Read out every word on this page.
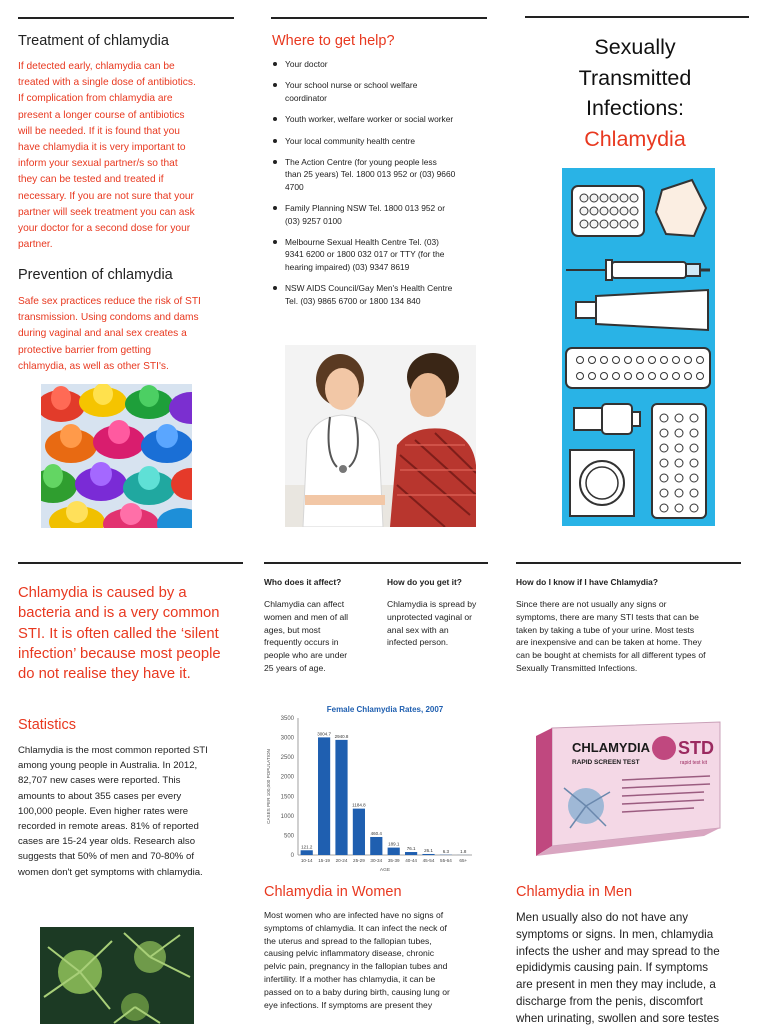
Treatment of chlamydia
If detected early, chlamydia can be
treated with a single dose of antibiotics.
If complication from chlamydia are
present a longer course of antibiotics
will be needed. If it is found that you
have chlamydia it is very important to
inform your sexual partner/s so that
they can be tested and treated if
necessary. If you are not sure that your
partner will seek treatment you can ask
your doctor for a second dose for your
partner.
Prevention of chlamydia
Safe sex practices reduce the risk of STI
transmission. Using condoms and dams
during vaginal and anal sex creates a
protective barrier from getting
chlamydia, as well as other STI's.
Where to get help?
Your doctor
Your school nurse or school welfare
coordinator
Youth worker, welfare worker or social worker
Your local community health centre
The Action Centre (for young people less
than 25 years) Tel. 1800 013 952 or (03) 9660
4700
Family Planning NSW Tel. 1800 013 952 or
(03) 9257 0100
Melbourne Sexual Health Centre Tel. (03)
9341 6200 or 1800 032 017 or TTY (for the
hearing impaired) (03) 9347 8619
NSW AIDS Council/Gay Men's Health Centre
Tel. (03) 9865 6700 or 1800 134 840
Sexually
Transmitted
Infections:
Chlamydia
Chlamydia is caused by a
bacteria and is a very common
STI. It is often called the ‘silent
infection’ because most people
do not realise they have it.
Statistics
Chlamydia is the most common reported STI
among young people in Australia. In 2012,
82,707 new cases were reported. This
amounts to about 355 cases per every
100,000 people. Even higher rates were
recorded in remote areas. 81% of reported
cases are 15-24 year olds. Research also
suggests that 50% of men and 70-80% of
women don't get symptoms with chlamydia.
Who does it affect?
Chlamydia can affect
women and men of all
ages, but most
frequently occurs in
people who are under
25 years of age.
How do you get it?
Chlamydia is spread by
unprotected vaginal or
anal sex with an
infected person.
How do I know if I have Chlamydia?
Since there are not usually any signs or
symptoms, there are many STI tests that can be
taken by taking a tube of your urine. Most tests
are inexpensive and can be taken at home. They
can be bought at chemists for all different types of
Sexually Transmitted Infections.
Female Chlamydia Rates, 2007
0
500
1000
1500
2000
2500
3000
3500
121.2
10-14
3004.7
15-19
2940.8
20-24
1184.8
25-29
460.4
30-34
189.1
35-39
76.1
40-44
26.1
45-54
6.3
55-64
1.8
65+
AGE
CASES PER 100,000 POPULATION
CHLAMYDIA
RAPID SCREEN TEST
STD
rapid test kit
Chlamydia in Women
Most women who are infected have no signs of
symptoms of chlamydia. It can infect the neck of
the uterus and spread to the fallopian tubes,
causing pelvic inflammatory disease, chronic
pelvic pain, pregnancy in the fallopian tubes and
infertility. If a mother has chlamydia, it can be
passed on to a baby during birth, causing lung or
eye infections. If symptoms are present they
Chlamydia in Men
Men usually also do not have any
symptoms or signs. In men, chlamydia
infects the usher and may spread to the
epididymis causing pain. If symptoms
are present in men they may include, a
discharge from the penis, discomfort
when urinating, swollen and sore testes
